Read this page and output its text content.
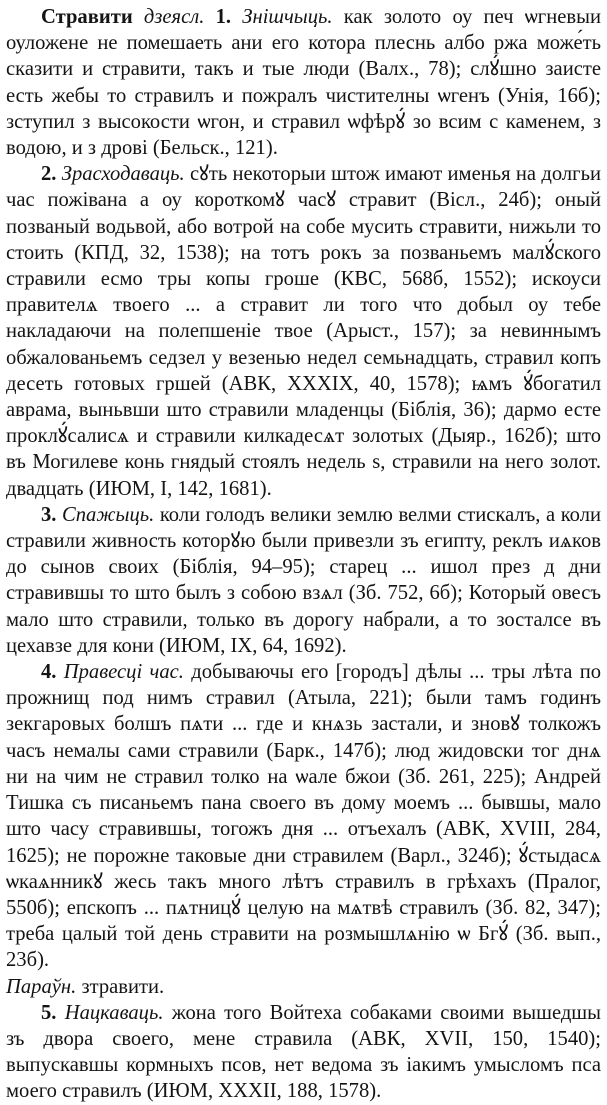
Стравити дзеясл. 1. Знішчыць. как золото оу печ ѡгневыи оуложене не помешаеть ани его котора плеснь албо ржа може́ть сказити и стравити, такъ и тые люди (Валх., 78); слꙋ́шно заисте есть жебы то стравилъ и пожралъ чистителны ѡгенъ (Унія, 16б); зступил з высокости ѡгон, и стравил ѡфѣрꙋ́ зо всим с каменем, з водою, и з дрові (Бельск., 121).

2. Зрасходаваць. сꙋть некоторыи штож имают именья на долгьи час пожівана а оу короткомꙋ часꙋ стравит (Вісл., 24б); оный позваный водьвой, або вотрой на собе мусить стравити, нижьли то стоить (КПД, 32, 1538); на тотъ рокъ за позваньемъ малꙋ́ского стравили есмо тры копы гроше (КВС, 568б, 1552); искоуси правителѧ твоего ... а стравит ли того что добыл оу тебе накладаючи на полепшеніе твое (Арыст., 157); за невиннымъ обжалованьемъ седзел у везенью недел семьнадцать, стравил копъ десеть готовых гршей (АВК, XXXIX, 40, 1578); ѩмъ ꙋ́богатил аврама, выньвши што стравили младенцы (Біблія, 36); дармо есте проклꙋ́салисѧ и стравили килкадесѧт золотых (Дыяр., 162б); што въ Могилеве конь гнядый стоялъ недель ѕ, стравили на него золот. двадцать (ИЮМ, I, 142, 1681).

3. Спажыць. коли голодъ велики землю велми стискалъ, а коли стравили живность которꙋю были привезли зъ египту, реклъ иѧков до сынов своих (Біблія, 94–95); старец ... ишол през д дни стравившы то што былъ з собою взѧл (Зб. 752, 6б); Который овесъ мало што стравили, только въ дорогу набрали, а то зосталсе въ цехавзе для кони (ИЮМ, IX, 64, 1692).

4. Правесці час. добываючы его [городъ] дѣлы ... тры лѣта по прожнищ под нимъ стравил (Атыла, 221); были тамъ годинъ зекгаровых болшъ пѧти ... где и кнѧзь застали, и зновꙋ толкожъ часъ немалы сами стравили (Барк., 147б); люд жидовски тог днѧ ни на чим не стравил толко на ѡале бжои (Зб. 261, 225); Андрей Тишка съ писаньемъ пана своего въ дому моемъ ... бывшы, мало што часу стравившы, тогожъ дня ... отъехалъ (АВК, XVIII, 284, 1625); не порожне таковые дни стравилем (Варл., 324б); ꙋ́стыдасѧ ѡкаѧнникꙋ жесь такъ много лѣтъ стравилъ в грѣхахъ (Пралог, 550б); епскопъ ... пѧтницꙋ́ целую на мѧтвѣ стравилъ (Зб. 82, 347); треба цалый той день стравити на розмышлѧнію ѡ Бгꙋ́ (Зб. вып., 23б).

Параўн. зтравити.

5. Нацкаваць. жона того Войтеха собаками своими вышедшы зъ двора своего, мене стравила (АВК, XVII, 150, 1540); выпускавшы кормныхъ псов, нет ведома зъ іакимъ умысломъ пса моего стравилъ (ИЮМ, XXXII, 188, 1578).
